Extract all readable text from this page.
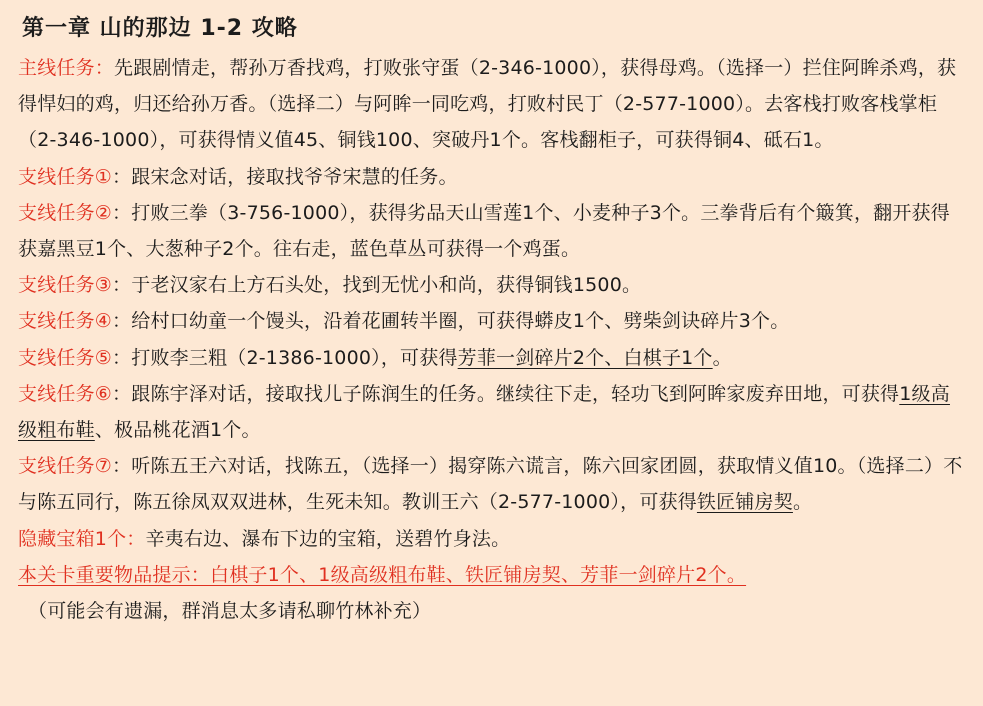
第一章 山的那边 1-2 攻略

主线任务：先跟剧情走，帮孙万香找鸡，打败张守蛋（2-346-1000），获得母鸡。（选择一）拦住阿眸杀鸡，获得悍妇的鸡，归还给孙万香。（选择二）与阿眸一同吃鸡，打败村民丁（2-577-1000）。去客栈打败客栈掌柜（2-346-1000），可获得情义值45、铜钱100、突破丹1个。客栈翻柜子，可获得铜4、砥石1。

支线任务①：跟宋念对话，接取找爷爷宋慧的任务。

支线任务②：打败三拳（3-756-1000），获得劣品天山雪莲1个、小麦种子3个。三拳背后有个簸箕，翻开获得获嘉黑豆1个、大葱种子2个。往右走，蓝色草丛可获得一个鸡蛋。

支线任务③：于老汉家右上方石头处，找到无忧小和尚，获得铜钱1500。

支线任务④：给村口幼童一个馒头，沿着花圃转半圈，可获得蟒皮1个、劈柴剑诀碎片3个。

支线任务⑤：打败李三粗（2-1386-1000），可获得芳菲一剑碎片2个、白棋子1个。

支线任务⑥：跟陈宇泽对话，接取找儿子陈润生的任务。继续往下走，轻功飞到阿眸家废弃田地，可获得1级高级粗布鞋、极品桃花酒1个。

支线任务⑦：听陈五王六对话，找陈五，（选择一）揭穿陈六谎言，陈六回家团圆，获取情义值10。（选择二）不与陈五同行，陈五徐凤双双进林，生死未知。教训王六（2-577-1000），可获得铁匠铺房契。

隐藏宝箱1个：辛夷右边、瀑布下边的宝箱，送碧竹身法。

本关卡重要物品提示：白棋子1个、1级高级粗布鞋、铁匠铺房契、芳菲一剑碎片2个。

（可能会有遗漏，群消息太多请私聊竹林补充）
